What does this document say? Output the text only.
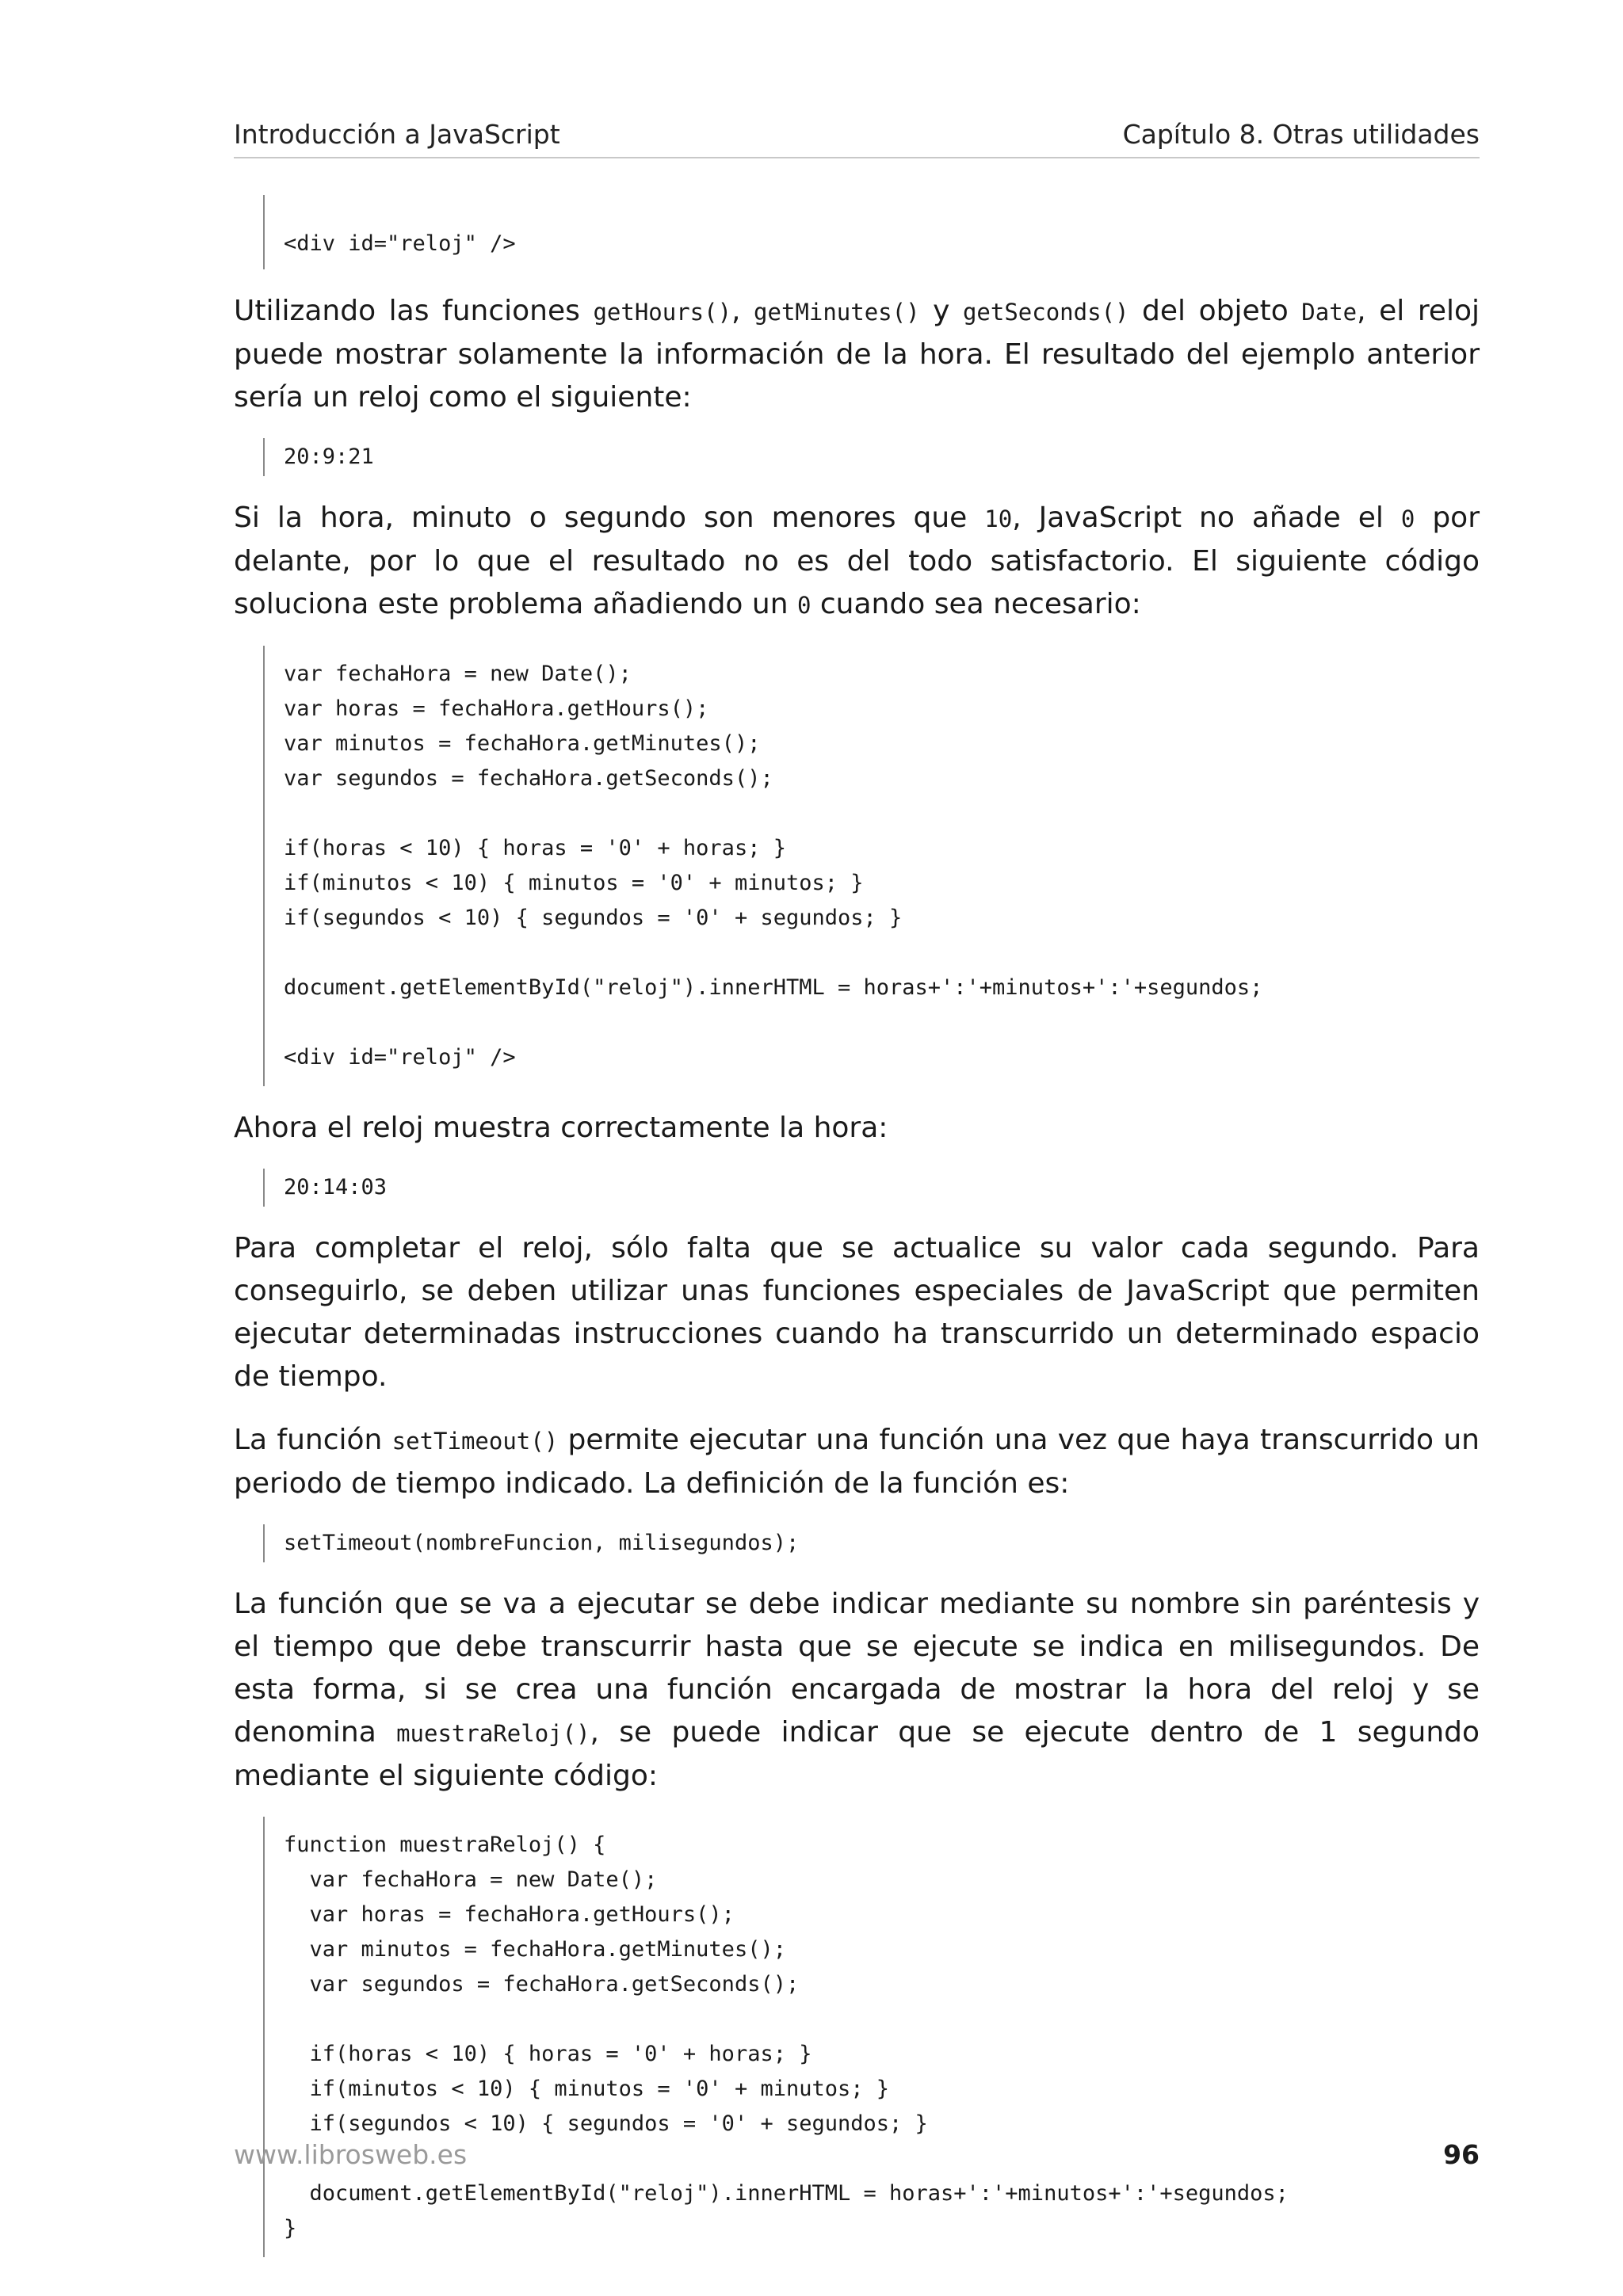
Introducción a JavaScript	Capítulo 8. Otras utilidades
<div id="reloj" />

Utilizando las funciones getHours(), getMinutes() y getSeconds() del objeto Date, el reloj puede mostrar solamente la información de la hora. El resultado del ejemplo anterior sería un reloj como el siguiente:

20:9:21

Si la hora, minuto o segundo son menores que 10, JavaScript no añade el 0 por delante, por lo que el resultado no es del todo satisfactorio. El siguiente código soluciona este problema añadiendo un 0 cuando sea necesario:

var fechaHora = new Date();
var horas = fechaHora.getHours();
var minutos = fechaHora.getMinutes();
var segundos = fechaHora.getSeconds();

if(horas < 10) { horas = '0' + horas; }
if(minutos < 10) { minutos = '0' + minutos; }
if(segundos < 10) { segundos = '0' + segundos; }

document.getElementById("reloj").innerHTML = horas+':'+minutos+':'+segundos;

<div id="reloj" />

Ahora el reloj muestra correctamente la hora:

20:14:03

Para completar el reloj, sólo falta que se actualice su valor cada segundo. Para conseguirlo, se deben utilizar unas funciones especiales de JavaScript que permiten ejecutar determinadas instrucciones cuando ha transcurrido un determinado espacio de tiempo.

La función setTimeout() permite ejecutar una función una vez que haya transcurrido un periodo de tiempo indicado. La definición de la función es:

setTimeout(nombreFuncion, milisegundos);

La función que se va a ejecutar se debe indicar mediante su nombre sin paréntesis y el tiempo que debe transcurrir hasta que se ejecute se indica en milisegundos. De esta forma, si se crea una función encargada de mostrar la hora del reloj y se denomina muestraReloj(), se puede indicar que se ejecute dentro de 1 segundo mediante el siguiente código:

function muestraReloj() {
var fechaHora = new Date();
var horas = fechaHora.getHours();
var minutos = fechaHora.getMinutes();
var segundos = fechaHora.getSeconds();

if(horas < 10) { horas = '0' + horas; }
if(minutos < 10) { minutos = '0' + minutos; }
if(segundos < 10) { segundos = '0' + segundos; }

document.getElementById("reloj").innerHTML = horas+':'+minutos+':'+segundos;
}
www.librosweb.es	96
